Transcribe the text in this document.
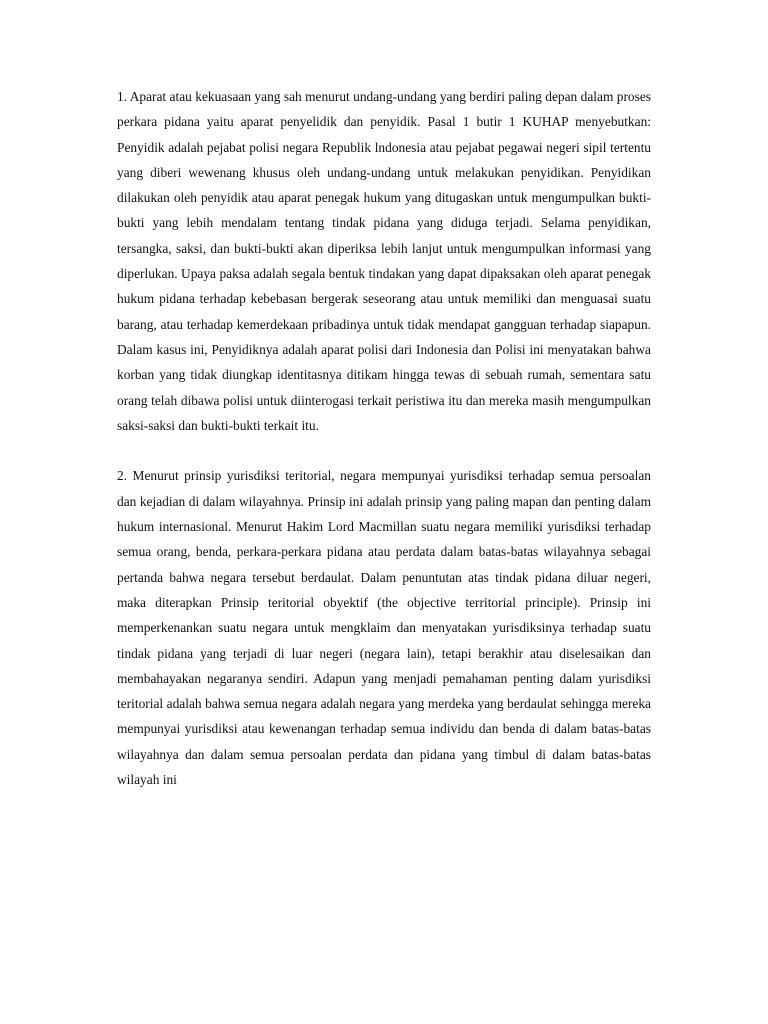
1. Aparat atau kekuasaan yang sah menurut undang-undang yang berdiri paling depan dalam proses perkara pidana yaitu aparat penyelidik dan penyidik. Pasal 1 butir 1 KUHAP menyebutkan: Penyidik adalah pejabat polisi negara Republik lndonesia atau pejabat pegawai negeri sipil tertentu yang diberi wewenang khusus oleh undang-undang untuk melakukan penyidikan. Penyidikan dilakukan oleh penyidik atau aparat penegak hukum yang ditugaskan untuk mengumpulkan bukti-bukti yang lebih mendalam tentang tindak pidana yang diduga terjadi. Selama penyidikan, tersangka, saksi, dan bukti-bukti akan diperiksa lebih lanjut untuk mengumpulkan informasi yang diperlukan. Upaya paksa adalah segala bentuk tindakan yang dapat dipaksakan oleh aparat penegak hukum pidana terhadap kebebasan bergerak seseorang atau untuk memiliki dan menguasai suatu barang, atau terhadap kemerdekaan pribadinya untuk tidak mendapat gangguan terhadap siapapun. Dalam kasus ini, Penyidiknya adalah aparat polisi dari Indonesia dan Polisi ini menyatakan bahwa korban yang tidak diungkap identitasnya ditikam hingga tewas di sebuah rumah, sementara satu orang telah dibawa polisi untuk diinterogasi terkait peristiwa itu dan mereka masih mengumpulkan saksi-saksi dan bukti-bukti terkait itu.

2. Menurut prinsip yurisdiksi teritorial, negara mempunyai yurisdiksi terhadap semua persoalan dan kejadian di dalam wilayahnya. Prinsip ini adalah prinsip yang paling mapan dan penting dalam hukum internasional. Menurut Hakim Lord Macmillan suatu negara memiliki yurisdiksi terhadap semua orang, benda, perkara-perkara pidana atau perdata dalam batas-batas wilayahnya sebagai pertanda bahwa negara tersebut berdaulat. Dalam penuntutan atas tindak pidana diluar negeri, maka diterapkan Prinsip teritorial obyektif (the objective territorial principle). Prinsip ini memperkenankan suatu negara untuk mengklaim dan menyatakan yurisdiksinya terhadap suatu tindak pidana yang terjadi di luar negeri (negara lain), tetapi berakhir atau diselesaikan dan membahayakan negaranya sendiri. Adapun yang menjadi pemahaman penting dalam yurisdiksi teritorial adalah bahwa semua negara adalah negara yang merdeka yang berdaulat sehingga mereka mempunyai yurisdiksi atau kewenangan terhadap semua individu dan benda di dalam batas-batas wilayahnya dan dalam semua persoalan perdata dan pidana yang timbul di dalam batas-batas wilayah ini
